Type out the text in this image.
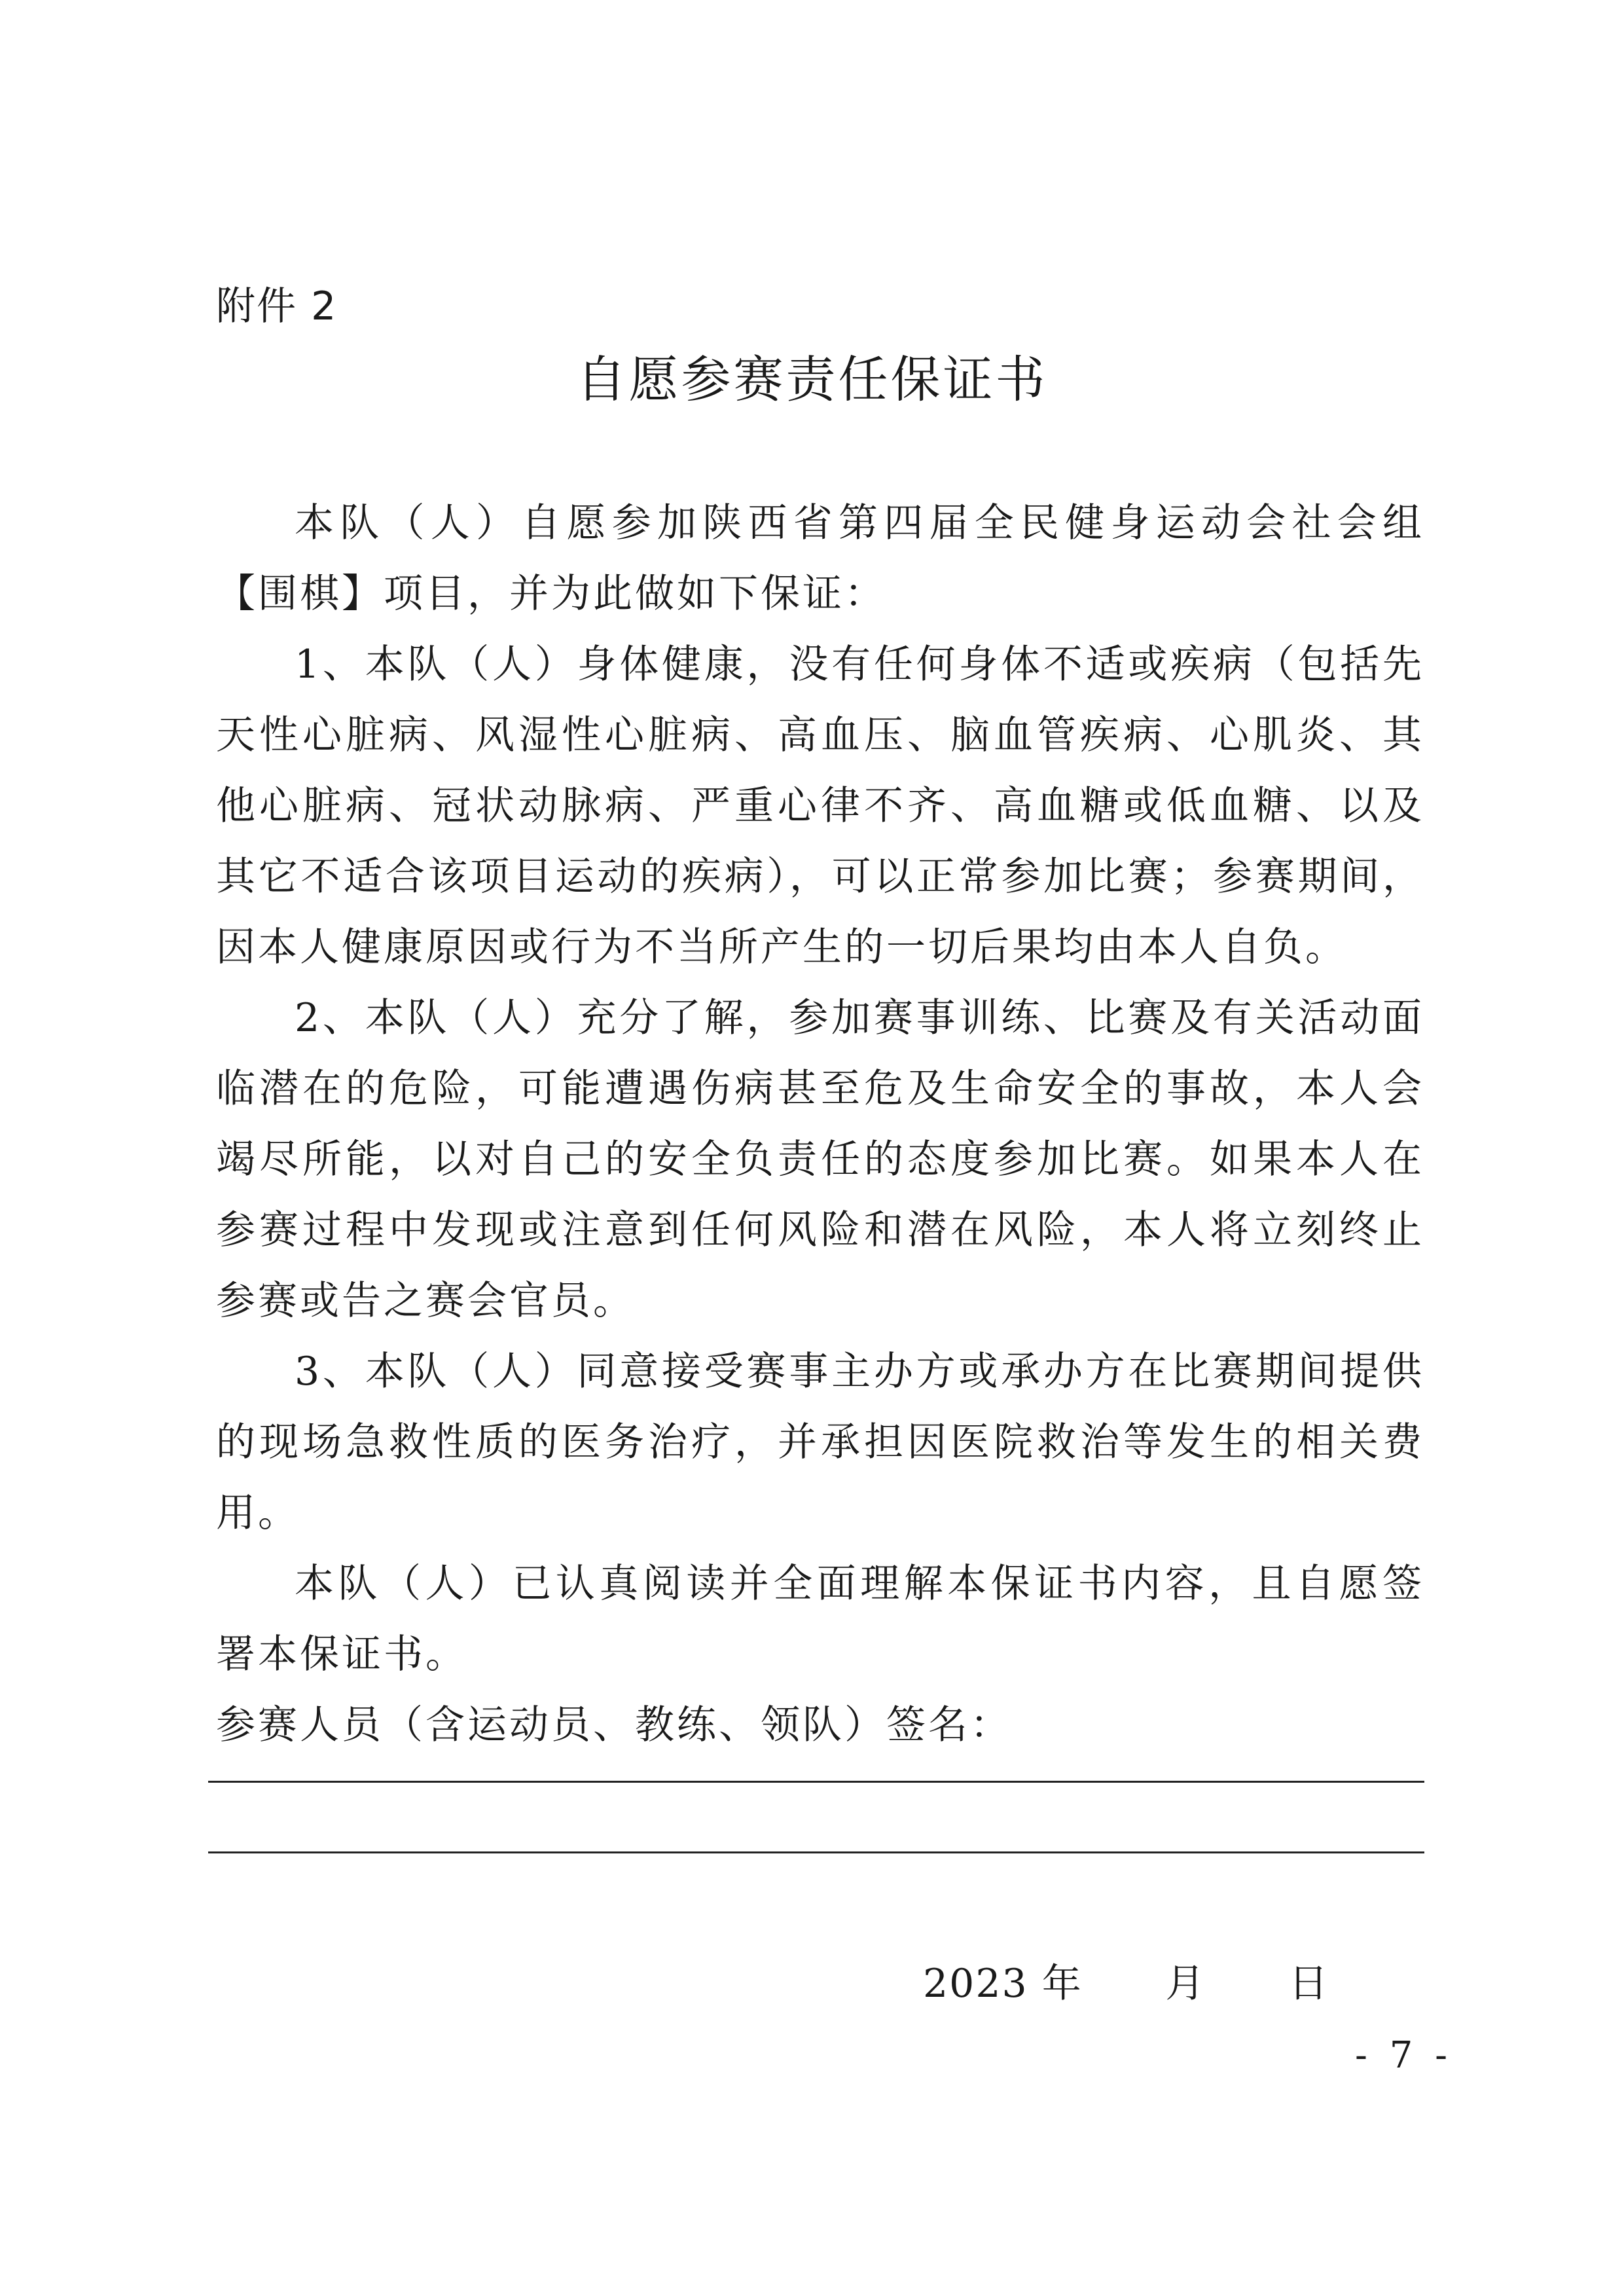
附件 2
自愿参赛责任保证书

本队（人）自愿参加陕西省第四届全民健身运动会社会组【围棋】项目，并为此做如下保证：

1、本队（人）身体健康，没有任何身体不适或疾病（包括先天性心脏病、风湿性心脏病、高血压、脑血管疾病、心肌炎、其他心脏病、冠状动脉病、严重心律不齐、高血糖或低血糖、以及其它不适合该项目运动的疾病），可以正常参加比赛；参赛期间，因本人健康原因或行为不当所产生的一切后果均由本人自负。

2、本队（人）充分了解，参加赛事训练、比赛及有关活动面临潜在的危险，可能遭遇伤病甚至危及生命安全的事故，本人会竭尽所能，以对自己的安全负责任的态度参加比赛。如果本人在参赛过程中发现或注意到任何风险和潜在风险，本人将立刻终止参赛或告之赛会官员。

3、本队（人）同意接受赛事主办方或承办方在比赛期间提供的现场急救性质的医务治疗，并承担因医院救治等发生的相关费用。

本队（人）已认真阅读并全面理解本保证书内容，且自愿签署本保证书。

参赛人员（含运动员、教练、领队）签名：

2023 年      月      日
- 7 -
